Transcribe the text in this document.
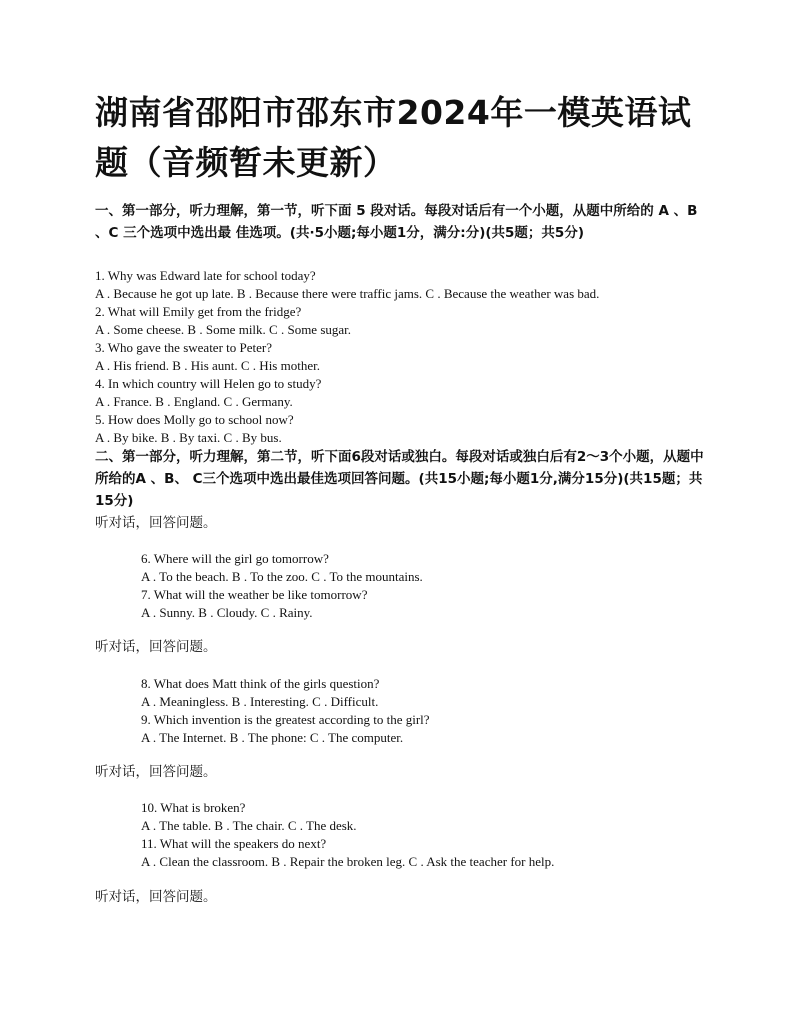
湖南省邵阳市邵东市2024年一模英语试题（音频暂未更新）
一、第一部分，听力理解，第一节，听下面 5 段对话。每段对话后有一个小题，从题中所给的 A 、B 、C 三个选项中选出最 佳选项。(共·5小题;每小题1分，满分:分)(共5题；共5分)
1. Why was Edward late for school today?
A . Because he got up late. B . Because there were traffic jams. C . Because the weather was bad.
2. What will Emily get from the fridge?
A . Some cheese. B . Some milk. C . Some sugar.
3. Who gave the sweater to Peter?
A . His friend. B . His aunt. C . His mother.
4. In which country will Helen go to study?
A . France. B . England. C . Germany.
5. How does Molly go to school now?
A . By bike. B . By taxi. C . By bus.
二、第一部分，听力理解，第二节，听下面6段对话或独白。每段对话或独白后有2～3个小题，从题中所给的A 、B、 C三个选项中选出最佳选项回答问题。(共15小题;每小题1分,满分15分)(共15题；共15分)
听对话，回答问题。
6. Where will the girl go tomorrow?
A . To the beach. B . To the zoo. C . To the mountains.
7. What will the weather be like tomorrow?
A . Sunny. B . Cloudy. C . Rainy.
听对话，回答问题。
8. What does Matt think of the girls question?
A . Meaningless. B . Interesting. C . Difficult.
9. Which invention is the greatest according to the girl?
A . The Internet. B . The phone: C . The computer.
听对话，回答问题。
10. What is broken?
A . The table. B . The chair. C . The desk.
11. What will the speakers do next?
A . Clean the classroom. B . Repair the broken leg. C . Ask the teacher for help.
听对话，回答问题。
